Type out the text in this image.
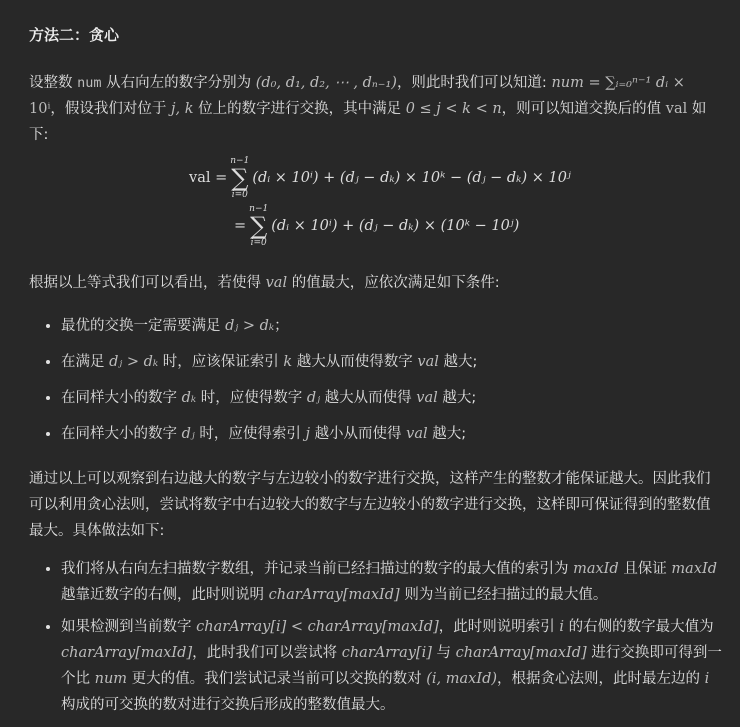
方法二：贪心

设整数 num 从右向左的数字分别为 (d₀, d₁, d₂, ⋯ , dₙ₋₁)，则此时我们可以知道: num = ∑ᵢ₌₀ⁿ⁻¹ dᵢ × 10ⁱ，假设我们对位于 j, k 位上的数字进行交换，其中满足 0 ≤ j < k < n，则可以知道交换后的值 val 如下:

val =
n−1
∑
i=0
(dᵢ × 10ⁱ) + (dⱼ − dₖ) × 10ᵏ − (dⱼ − dₖ) × 10ʲ
=
n−1
∑
i=0
(dᵢ × 10ⁱ) + (dⱼ − dₖ) × (10ᵏ − 10ʲ)

根据以上等式我们可以看出，若使得 val 的值最大，应依次满足如下条件:

• 最优的交换一定需要满足 dⱼ > dₖ；
• 在满足 dⱼ > dₖ 时，应该保证索引 k 越大从而使得数字 val 越大;
• 在同样大小的数字 dₖ 时，应使得数字 dⱼ 越大从而使得 val 越大;
• 在同样大小的数字 dⱼ 时，应使得索引 j 越小从而使得 val 越大;

通过以上可以观察到右边越大的数字与左边较小的数字进行交换，这样产生的整数才能保证越大。因此我们可以利用贪心法则，尝试将数字中右边较大的数字与左边较小的数字进行交换，这样即可保证得到的整数值最大。具体做法如下:

• 我们将从右向左扫描数字数组，并记录当前已经扫描过的数字的最大值的索引为 maxId 且保证 maxId 越靠近数字的右侧，此时则说明 charArray[maxId] 则为当前已经扫描过的最大值。
• 如果检测到当前数字 charArray[i] < charArray[maxId]，此时则说明索引 i 的右侧的数字最大值为 charArray[maxId]，此时我们可以尝试将 charArray[i] 与 charArray[maxId] 进行交换即可得到一个比 num 更大的值。我们尝试记录当前可以交换的数对 (i, maxId)，根据贪心法则，此时最左边的 i 构成的可交换的数对进行交换后形成的整数值最大。
